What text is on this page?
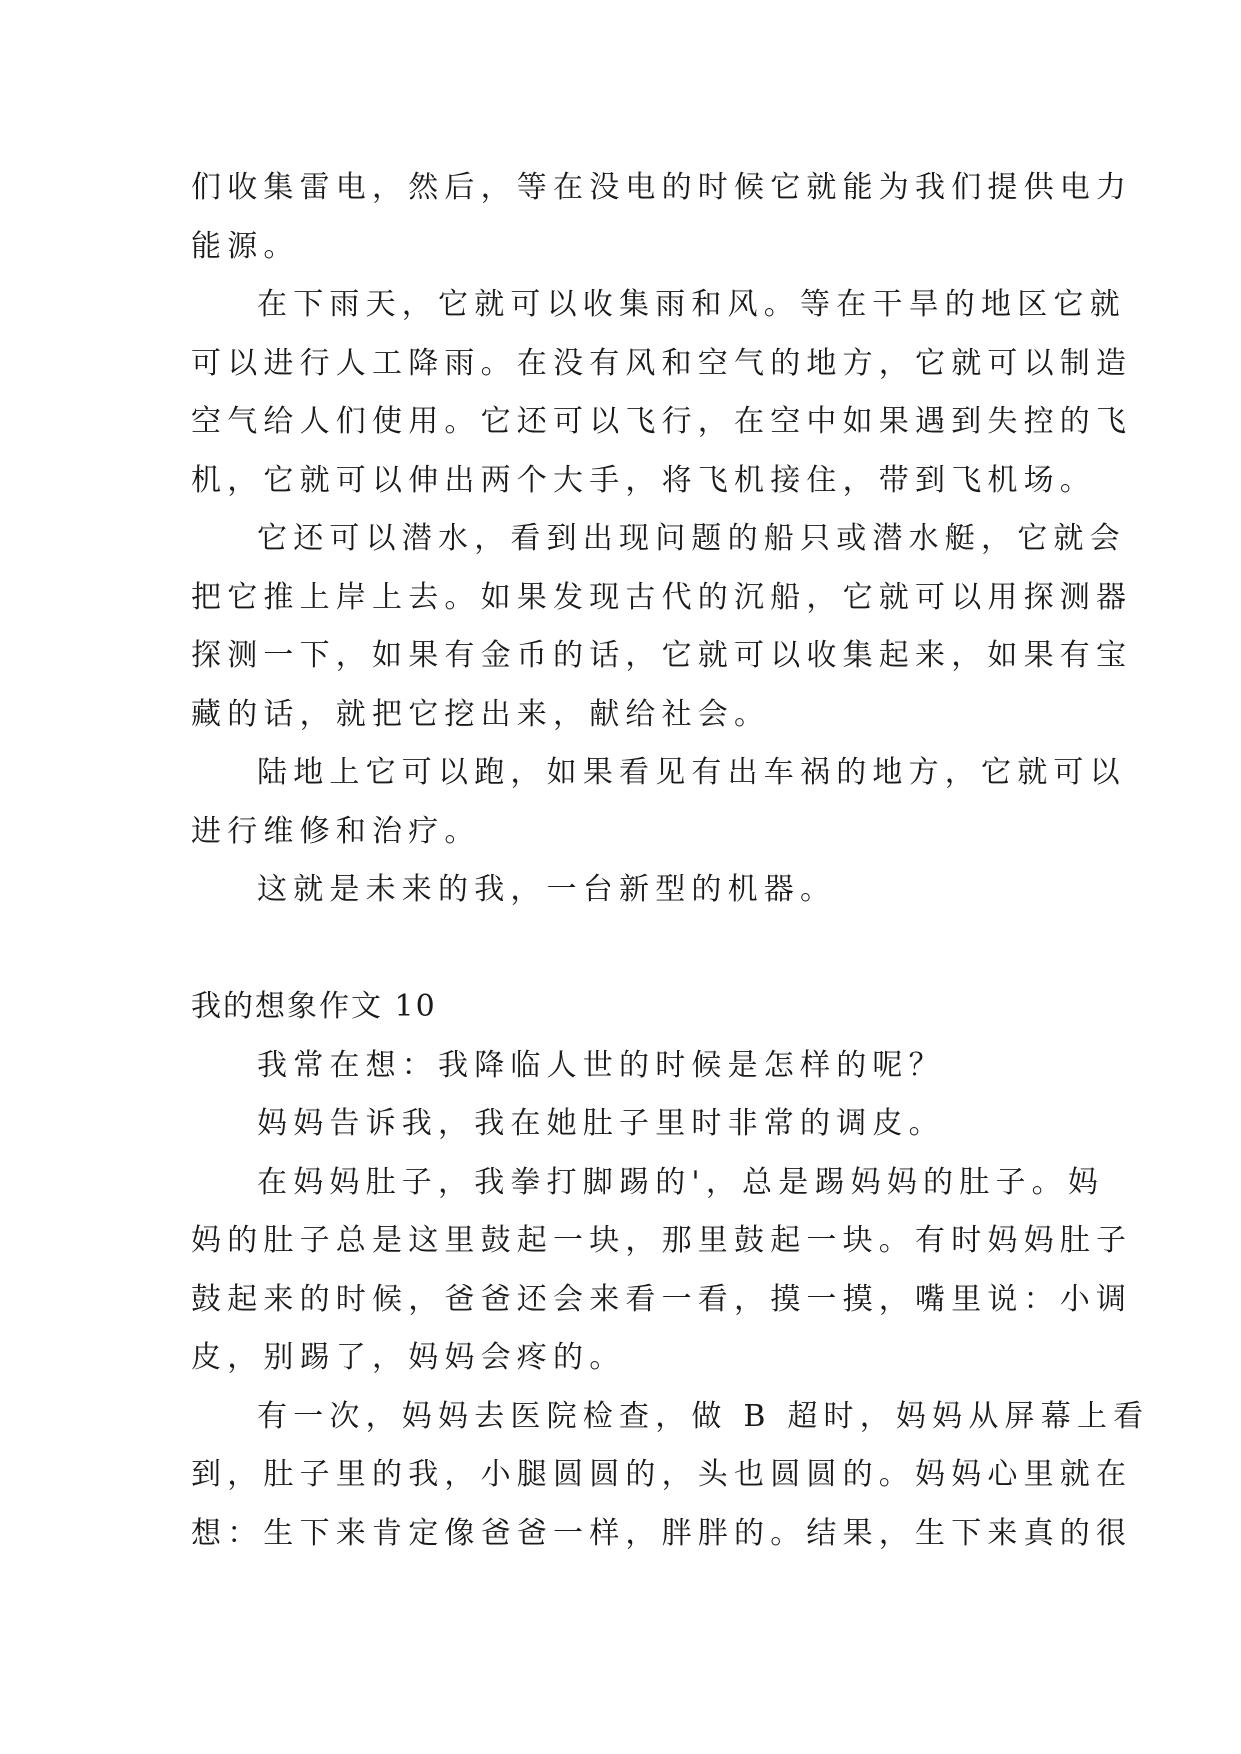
们收集雷电，然后，等在没电的时候它就能为我们提供电力
能源。
在下雨天，它就可以收集雨和风。等在干旱的地区它就
可以进行人工降雨。在没有风和空气的地方，它就可以制造
空气给人们使用。它还可以飞行，在空中如果遇到失控的飞
机，它就可以伸出两个大手，将飞机接住，带到飞机场。
它还可以潜水，看到出现问题的船只或潜水艇，它就会
把它推上岸上去。如果发现古代的沉船，它就可以用探测器
探测一下，如果有金币的话，它就可以收集起来，如果有宝
藏的话，就把它挖出来，献给社会。
陆地上它可以跑，如果看见有出车祸的地方，它就可以
进行维修和治疗。
这就是未来的我，一台新型的机器。
我的想象作文 10
我常在想：我降临人世的时候是怎样的呢？
妈妈告诉我，我在她肚子里时非常的调皮。
在妈妈肚子，我拳打脚踢的'，总是踢妈妈的肚子。妈
妈的肚子总是这里鼓起一块，那里鼓起一块。有时妈妈肚子
鼓起来的时候，爸爸还会来看一看，摸一摸，嘴里说：小调
皮，别踢了，妈妈会疼的。
有一次，妈妈去医院检查，做 B 超时，妈妈从屏幕上看
到，肚子里的我，小腿圆圆的，头也圆圆的。妈妈心里就在
想：生下来肯定像爸爸一样，胖胖的。结果，生下来真的很
